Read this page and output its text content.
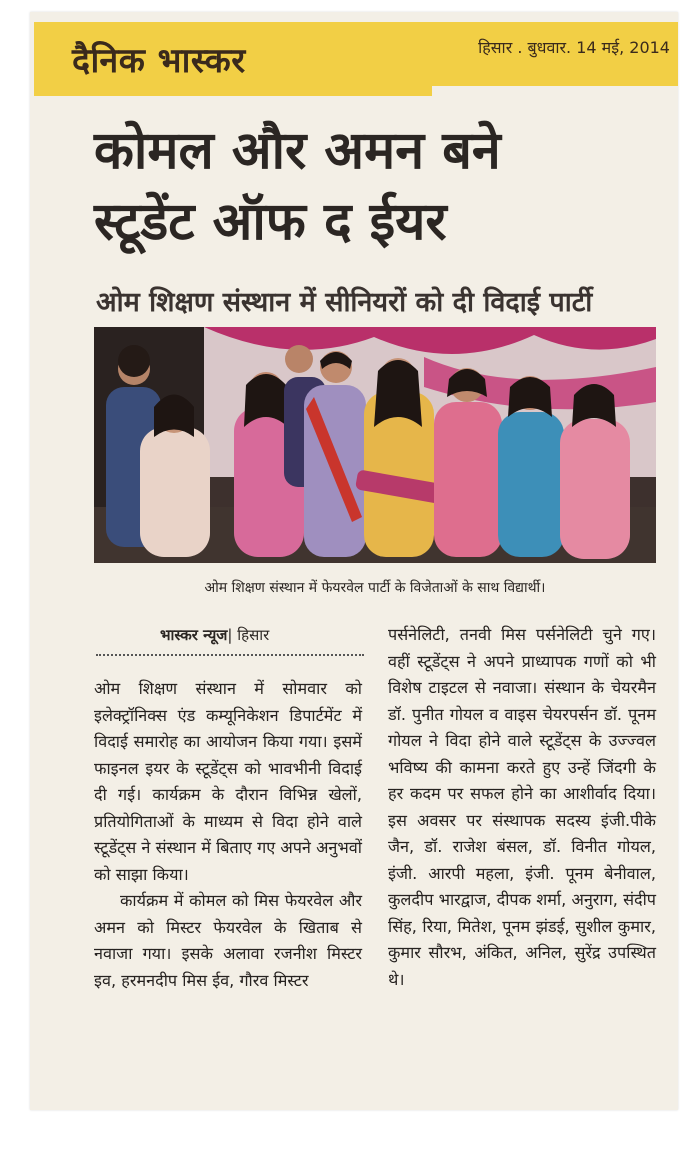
दैनिक भास्कर	हिसार . बुधवार. 14 मई, 2014
कोमल और अमन बने
स्टूडेंट ऑफ द ईयर
ओम शिक्षण संस्थान में सीनियरों को दी विदाई पार्टी
ओम शिक्षण संस्थान में फेयरवेल पार्टी के विजेताओं के साथ विद्यार्थी।
भास्कर न्यूज| हिसार

ओम शिक्षण संस्थान में सोमवार को इलेक्ट्रॉनिक्स एंड कम्यूनिकेशन डिपार्टमेंट में विदाई समारोह का आयोजन किया गया। इसमें फाइनल इयर के स्टूडेंट्स को भावभीनी विदाई दी गई। कार्यक्रम के दौरान विभिन्न खेलों, प्रतियोगिताओं के माध्यम से विदा होने वाले स्टूडेंट्स ने संस्थान में बिताए गए अपने अनुभवों को साझा किया।

कार्यक्रम में कोमल को मिस फेयरवेल और अमन को मिस्टर फेयरवेल के खिताब से नवाजा गया। इसके अलावा रजनीश मिस्टर इव, हरमनदीप मिस ईव, गौरव मिस्टर

पर्सनेलिटी, तनवी मिस पर्सनेलिटी चुने गए। वहीं स्टूडेंट्स ने अपने प्राध्यापक गणों को भी विशेष टाइटल से नवाजा। संस्थान के चेयरमैन डॉ. पुनीत गोयल व वाइस चेयरपर्सन डॉ. पूनम गोयल ने विदा होने वाले स्टूडेंट्स के उज्ज्वल भविष्य की कामना करते हुए उन्हें जिंदगी के हर कदम पर सफल होने का आशीर्वाद दिया। इस अवसर पर संस्थापक सदस्य इंजी.पीके जैन, डॉ. राजेश बंसल, डॉ. विनीत गोयल, इंजी. आरपी महला, इंजी. पूनम बेनीवाल, कुलदीप भारद्वाज, दीपक शर्मा, अनुराग, संदीप सिंह, रिया, मितेश, पूनम झंडई, सुशील कुमार, कुमार सौरभ, अंकित, अनिल, सुरेंद्र उपस्थित थे।
